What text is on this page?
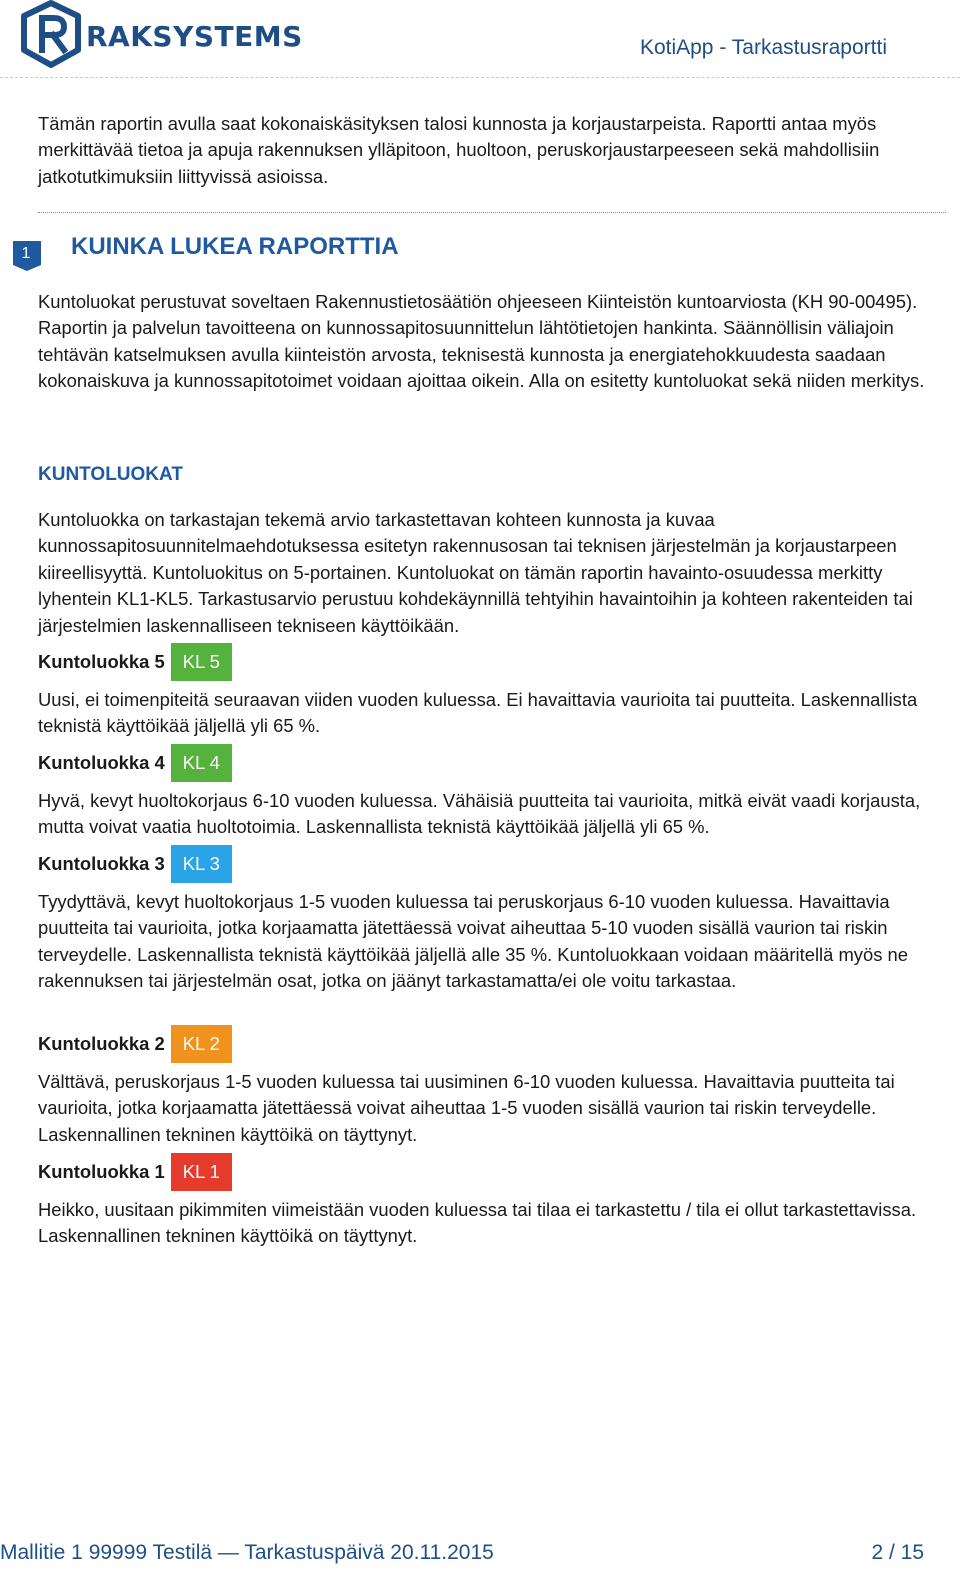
RAKSYSTEMS	KotiApp - Tarkastusraportti

Tämän raportin avulla saat kokonaiskäsityksen talosi kunnosta ja korjaustarpeista. Raportti antaa myös merkittävää tietoa ja apuja rakennuksen ylläpitoon, huoltoon, peruskorjaustarpeeseen sekä mahdollisiin jatkotutkimuksiin liittyvissä asioissa.

1	KUINKA LUKEA RAPORTTIA

Kuntoluokat perustuvat soveltaen Rakennustietosäätiön ohjeeseen Kiinteistön kuntoarviosta (KH 90-00495). Raportin ja palvelun tavoitteena on kunnossapitosuunnittelun lähtötietojen hankinta. Säännöllisin väliajoin tehtävän katselmuksen avulla kiinteistön arvosta, teknisestä kunnosta ja energiatehokkuudesta saadaan kokonaiskuva ja kunnossapitotoimet voidaan ajoittaa oikein. Alla on esitetty kuntoluokat sekä niiden merkitys.

KUNTOLUOKAT

Kuntoluokka on tarkastajan tekemä arvio tarkastettavan kohteen kunnosta ja kuvaa kunnossapitosuunnitelmaehdotuksessa esitetyn rakennusosan tai teknisen järjestelmän ja korjaustarpeen kiireellisyyttä. Kuntoluokitus on 5-portainen. Kuntoluokat on tämän raportin havainto-osuudessa merkitty lyhentein KL1-KL5. Tarkastusarvio perustuu kohdekäynnillä tehtyihin havaintoihin ja kohteen rakenteiden tai järjestelmien laskennalliseen tekniseen käyttöikään.

Kuntoluokka 5 KL 5

Uusi, ei toimenpiteitä seuraavan viiden vuoden kuluessa. Ei havaittavia vaurioita tai puutteita. Laskennallista teknistä käyttöikää jäljellä yli 65 %.

Kuntoluokka 4 KL 4

Hyvä, kevyt huoltokorjaus 6-10 vuoden kuluessa. Vähäisiä puutteita tai vaurioita, mitkä eivät vaadi korjausta, mutta voivat vaatia huoltotoimia. Laskennallista teknistä käyttöikää jäljellä yli 65 %.

Kuntoluokka 3 KL 3

Tyydyttävä, kevyt huoltokorjaus 1-5 vuoden kuluessa tai peruskorjaus 6-10 vuoden kuluessa. Havaittavia puutteita tai vaurioita, jotka korjaamatta jätettäessä voivat aiheuttaa 5-10 vuoden sisällä vaurion tai riskin terveydelle. Laskennallista teknistä käyttöikää jäljellä alle 35 %. Kuntoluokkaan voidaan määritellä myös ne rakennuksen tai järjestelmän osat, jotka on jäänyt tarkastamatta/ei ole voitu tarkastaa.

Kuntoluokka 2 KL 2

Välttävä, peruskorjaus 1-5 vuoden kuluessa tai uusiminen 6-10 vuoden kuluessa. Havaittavia puutteita tai vaurioita, jotka korjaamatta jätettäessä voivat aiheuttaa 1-5 vuoden sisällä vaurion tai riskin terveydelle. Laskennallinen tekninen käyttöikä on täyttynyt.

Kuntoluokka 1 KL 1

Heikko, uusitaan pikimmiten viimeistään vuoden kuluessa tai tilaa ei tarkastettu / tila ei ollut tarkastettavissa. Laskennallinen tekninen käyttöikä on täyttynyt.

Mallitie 1 99999 Testilä — Tarkastuspäivä 20.11.2015	2 / 15
